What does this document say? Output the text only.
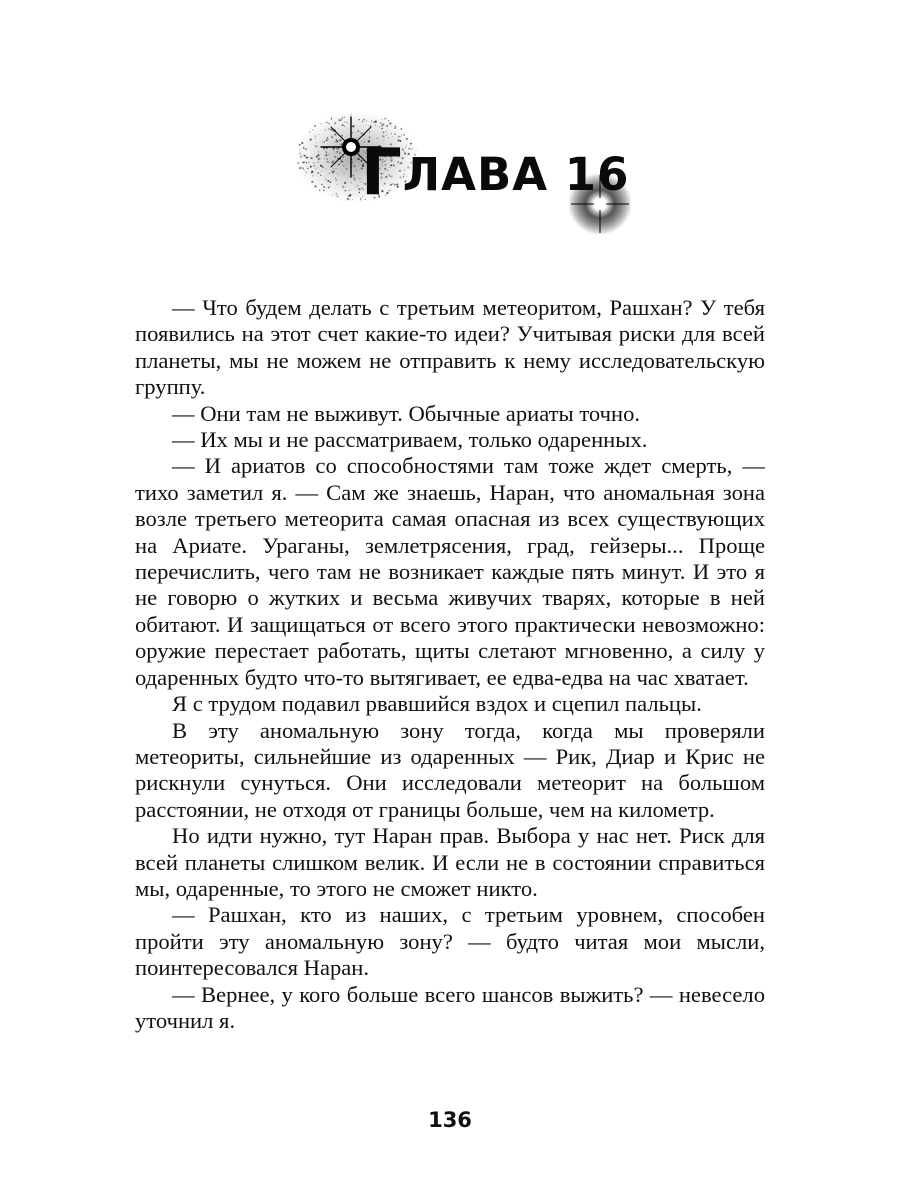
ГЛАВА 16

— Что будем делать с третьим метеоритом, Рашхан? У тебя появились на этот счет какие-то идеи? Учитывая риски для всей планеты, мы не можем не отправить к нему исследовательскую группу.

— Они там не выживут. Обычные ариаты точно.

— Их мы и не рассматриваем, только одаренных.

— И ариатов со способностями там тоже ждет смерть, — тихо заметил я. — Сам же знаешь, Наран, что аномальная зона возле третьего метеорита самая опасная из всех существующих на Ариате. Ураганы, землетрясения, град, гейзеры... Проще перечислить, чего там не возникает каждые пять минут. И это я не говорю о жутких и весьма живучих тварях, которые в ней обитают. И защищаться от всего этого практически невозможно: оружие перестает работать, щиты слетают мгновенно, а силу у одаренных будто что-то вытягивает, ее едва-едва на час хватает.

Я с трудом подавил рвавшийся вздох и сцепил пальцы.

В эту аномальную зону тогда, когда мы проверяли метеориты, сильнейшие из одаренных — Рик, Диар и Крис не рискнули сунуться. Они исследовали метеорит на большом расстоянии, не отходя от границы больше, чем на километр.

Но идти нужно, тут Наран прав. Выбора у нас нет. Риск для всей планеты слишком велик. И если не в состоянии справиться мы, одаренные, то этого не сможет никто.

— Рашхан, кто из наших, с третьим уровнем, способен пройти эту аномальную зону? — будто читая мои мысли, поинтересовался Наран.

— Вернее, у кого больше всего шансов выжить? — невесело уточнил я.

136
